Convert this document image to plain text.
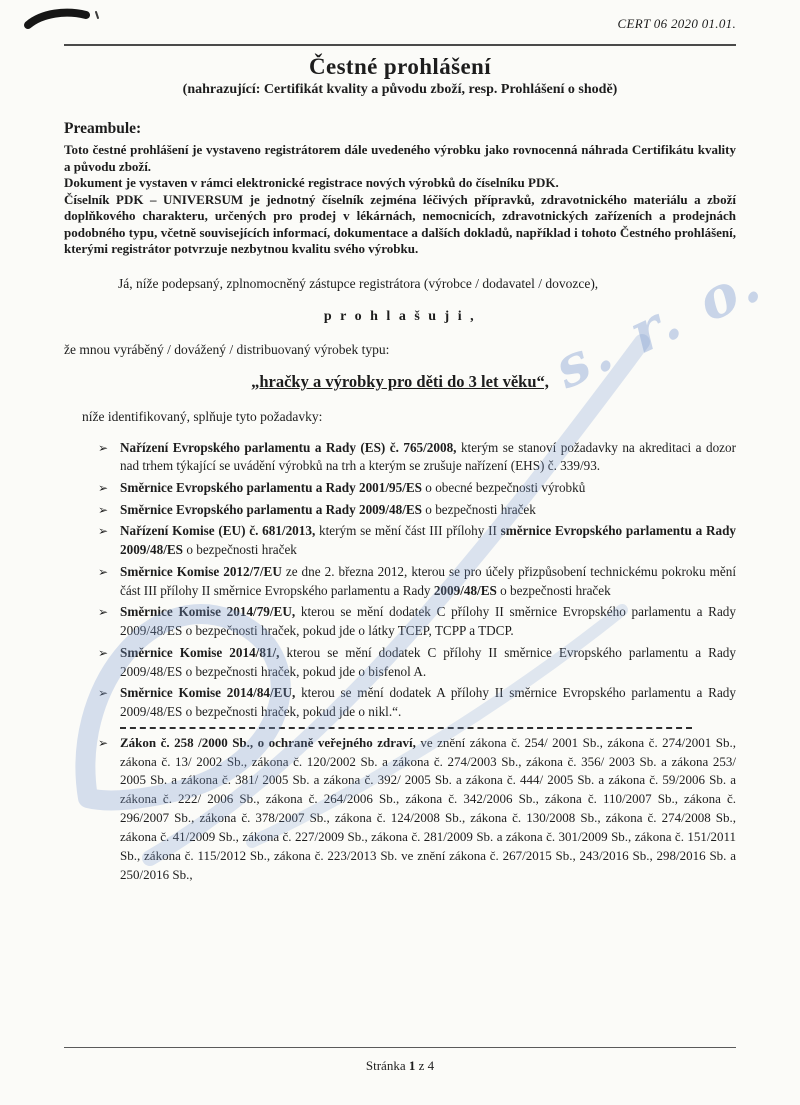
s. r. o.
CERT 06 2020 01.01.
Čestné prohlášení

(nahrazující: Certifikát kvality a původu zboží, resp. Prohlášení o shodě)

Preambule:

Toto čestné prohlášení je vystaveno registrátorem dále uvedeného výrobku jako rovnocenná náhrada Certifikátu kvality a původu zboží.

Dokument je vystaven v rámci elektronické registrace nových výrobků do číselníku PDK.

Číselník PDK – UNIVERSUM je jednotný číselník zejména léčivých přípravků, zdravotnického materiálu a zboží doplňkového charakteru, určených pro prodej v lékárnách, nemocnicích, zdravotnických zařízeních a prodejnách podobného typu, včetně souvisejících informací, dokumentace a dalších dokladů, například i tohoto Čestného prohlášení, kterými registrátor potvrzuje nezbytnou kvalitu svého výrobku.

Já, níže podepsaný, zplnomocněný zástupce registrátora (výrobce / dodavatel / dovozce),

p r o h l a š u j i ,

že mnou vyráběný / dovážený / distribuovaný výrobek typu:

„hračky a výrobky pro děti do 3 let věku“,

níže identifikovaný, splňuje tyto požadavky:

➢ Nařízení Evropského parlamentu a Rady (ES) č. 765/2008, kterým se stanoví požadavky na akreditaci a dozor nad trhem týkající se uvádění výrobků na trh a kterým se zrušuje nařízení (EHS) č. 339/93.
➢ Směrnice Evropského parlamentu a Rady 2001/95/ES o obecné bezpečnosti výrobků
➢ Směrnice Evropského parlamentu a Rady 2009/48/ES o bezpečnosti hraček
➢ Nařízení Komise (EU) č. 681/2013, kterým se mění část III přílohy II směrnice Evropského parlamentu a Rady 2009/48/ES o bezpečnosti hraček
➢ Směrnice Komise 2012/7/EU ze dne 2. března 2012, kterou se pro účely přizpůsobení technickému pokroku mění část III přílohy II směrnice Evropského parlamentu a Rady 2009/48/ES o bezpečnosti hraček
➢ Směrnice Komise 2014/79/EU, kterou se mění dodatek C přílohy II směrnice Evropského parlamentu a Rady 2009/48/ES o bezpečnosti hraček, pokud jde o látky TCEP, TCPP a TDCP.
➢ Směrnice Komise 2014/81/, kterou se mění dodatek C přílohy II směrnice Evropského parlamentu a Rady 2009/48/ES o bezpečnosti hraček, pokud jde o bisfenol A.
➢ Směrnice Komise 2014/84/EU, kterou se mění dodatek A přílohy II směrnice Evropského parlamentu a Rady 2009/48/ES o bezpečnosti hraček, pokud jde o nikl.“.
➢ Zákon č. 258 /2000 Sb., o ochraně veřejného zdraví, ve znění zákona č. 254/ 2001 Sb., zákona č. 274/2001 Sb., zákona č. 13/ 2002 Sb., zákona č. 120/2002 Sb. a zákona č. 274/2003 Sb., zákona č. 356/ 2003 Sb. a zákona 253/ 2005 Sb. a zákona č. 381/ 2005 Sb. a zákona č. 392/ 2005 Sb. a zákona č. 444/ 2005 Sb. a zákona č. 59/2006 Sb. a zákona č. 222/ 2006 Sb., zákona č. 264/2006 Sb., zákona č. 342/2006 Sb., zákona č. 110/2007 Sb., zákona č. 296/2007 Sb., zákona č. 378/2007 Sb., zákona č. 124/2008 Sb., zákona č. 130/2008 Sb., zákona č. 274/2008 Sb., zákona č. 41/2009 Sb., zákona č. 227/2009 Sb., zákona č. 281/2009 Sb. a zákona č. 301/2009 Sb., zákona č. 151/2011 Sb., zákona č. 115/2012 Sb., zákona č. 223/2013 Sb. ve znění zákona č. 267/2015 Sb., 243/2016 Sb., 298/2016 Sb. a 250/2016 Sb.,
Stránka 1 z 4
